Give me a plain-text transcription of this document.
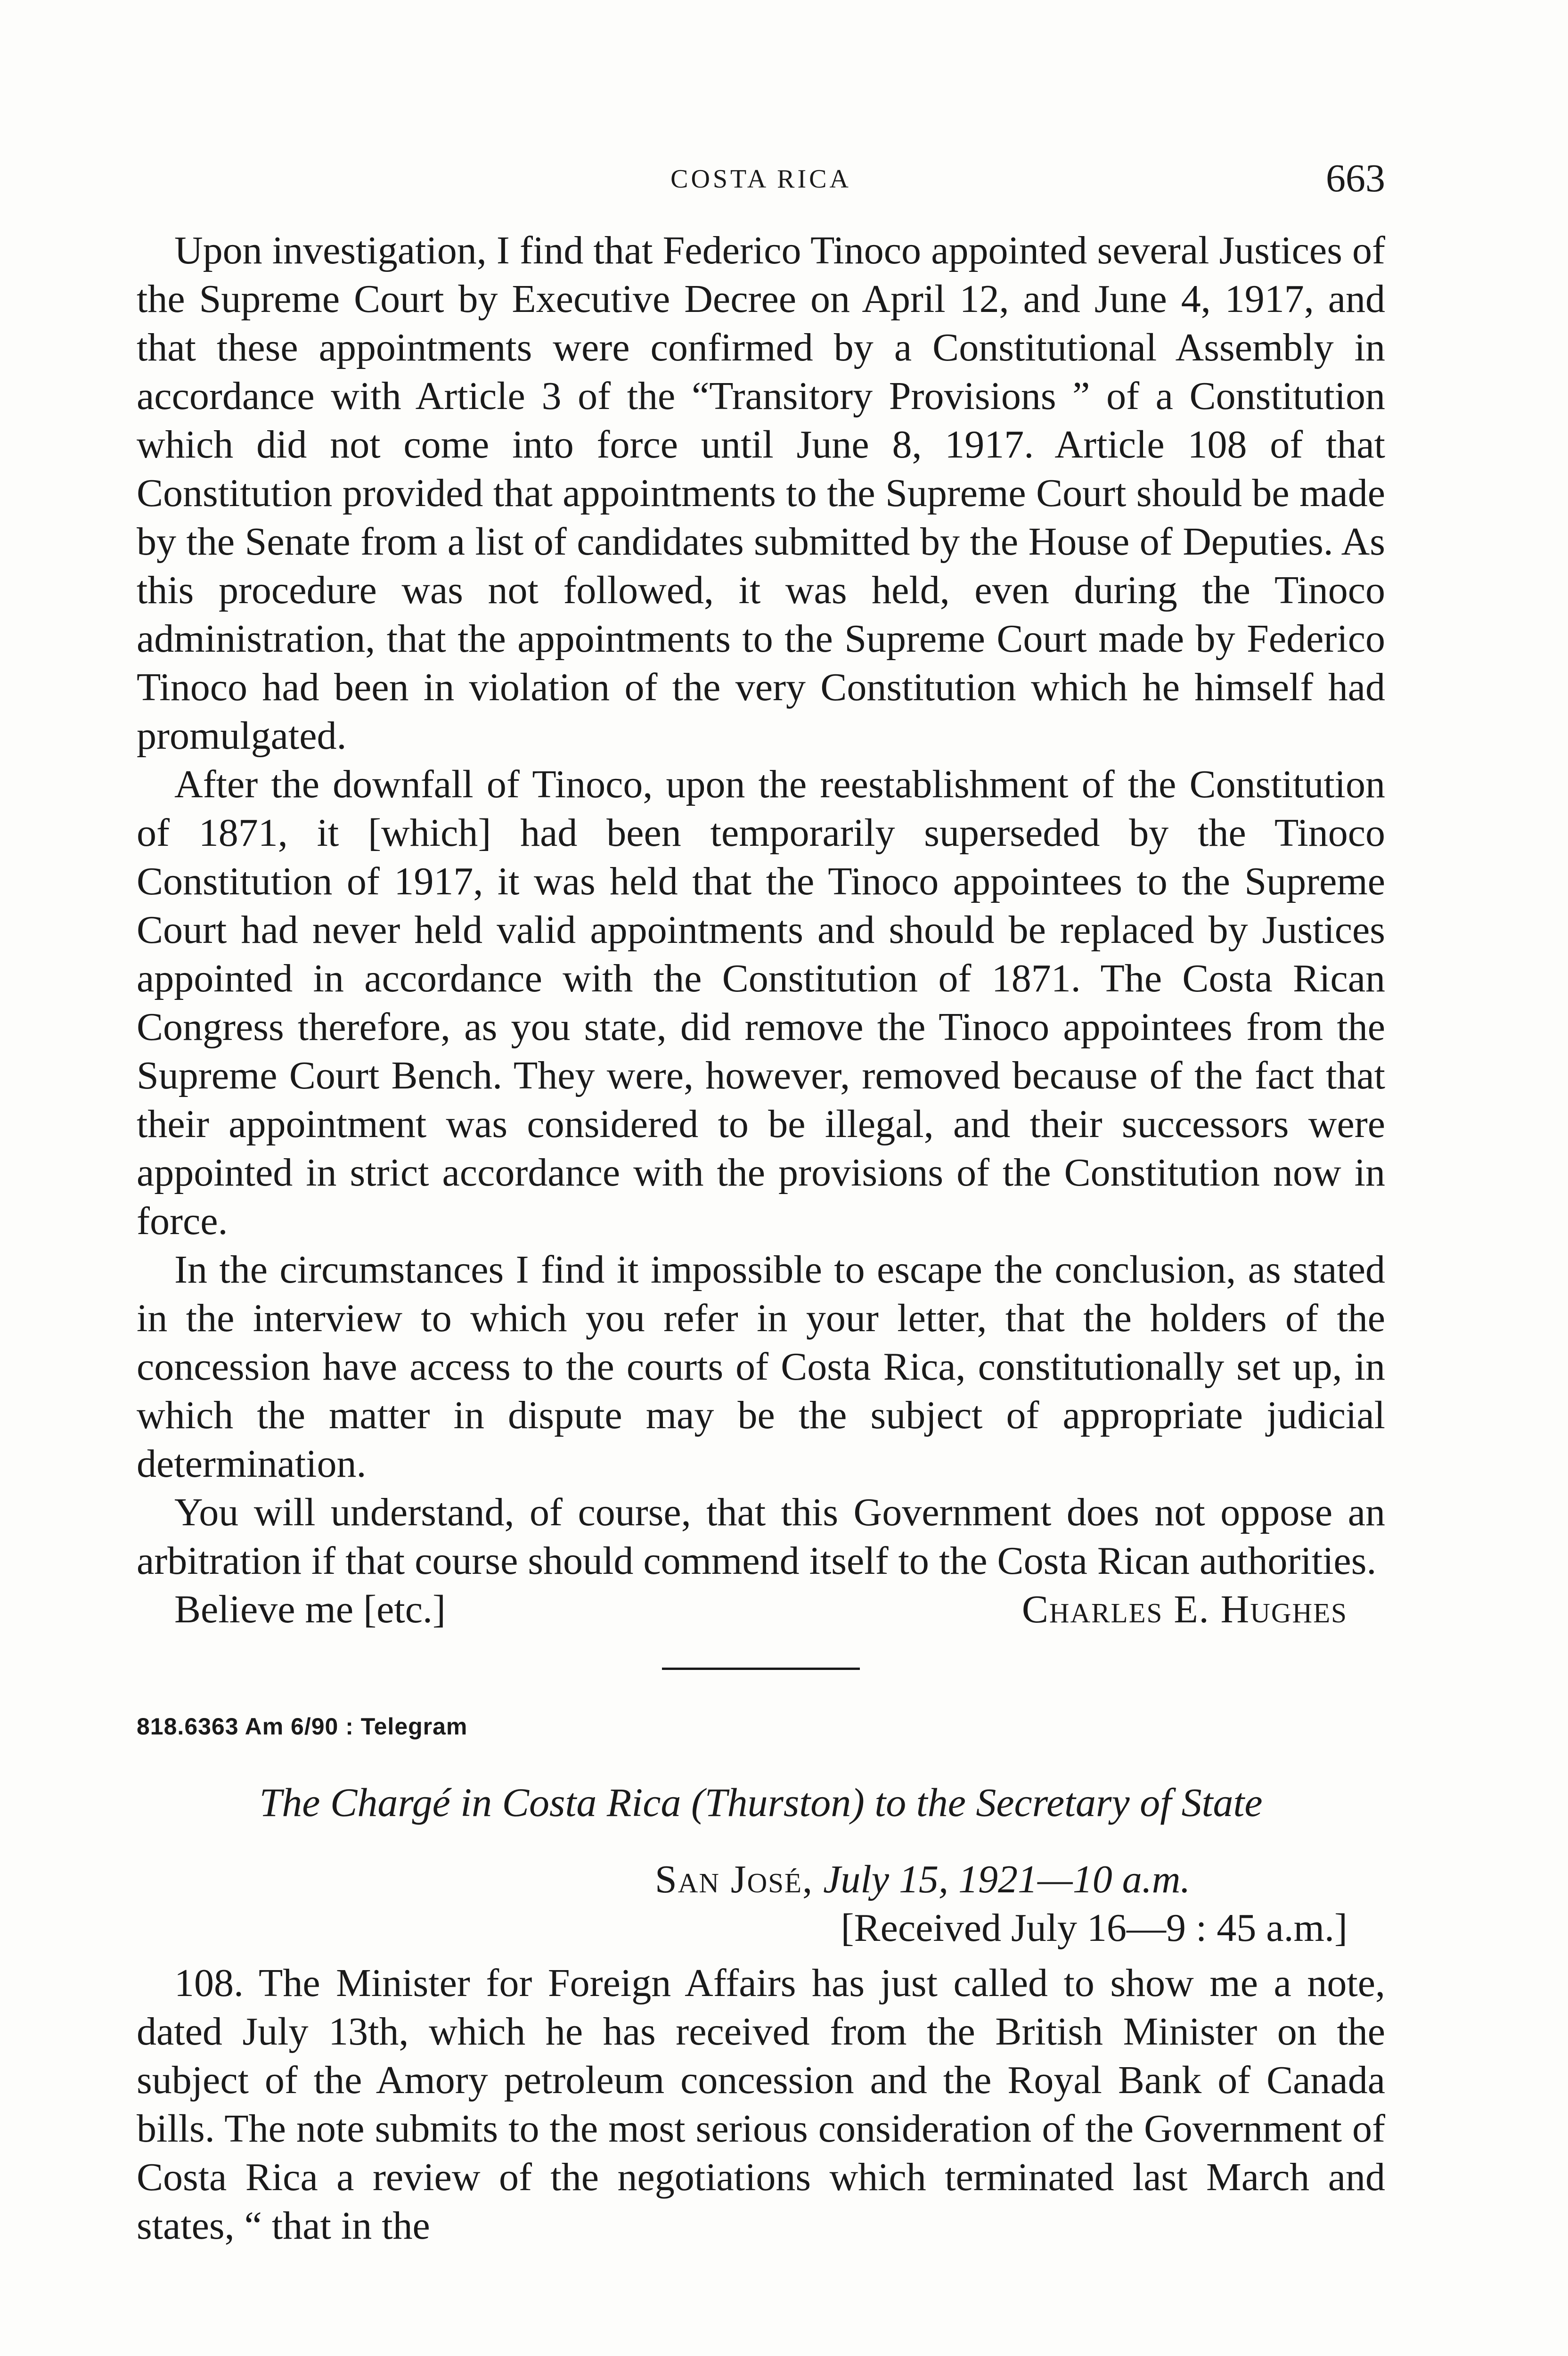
COSTA RICA	663

Upon investigation, I find that Federico Tinoco appointed several Justices of the Supreme Court by Executive Decree on April 12, and June 4, 1917, and that these appointments were confirmed by a Constitutional Assembly in accordance with Article 3 of the “Transitory Provisions ” of a Constitution which did not come into force until June 8, 1917. Article 108 of that Constitution provided that appointments to the Supreme Court should be made by the Senate from a list of candidates submitted by the House of Deputies. As this procedure was not followed, it was held, even during the Tinoco administration, that the appointments to the Supreme Court made by Federico Tinoco had been in violation of the very Constitution which he himself had promulgated.

After the downfall of Tinoco, upon the reestablishment of the Constitution of 1871, it [which] had been temporarily superseded by the Tinoco Constitution of 1917, it was held that the Tinoco appointees to the Supreme Court had never held valid appointments and should be replaced by Justices appointed in accordance with the Constitution of 1871. The Costa Rican Congress therefore, as you state, did remove the Tinoco appointees from the Supreme Court Bench. They were, however, removed because of the fact that their appointment was considered to be illegal, and their successors were appointed in strict accordance with the provisions of the Constitution now in force.

In the circumstances I find it impossible to escape the conclusion, as stated in the interview to which you refer in your letter, that the holders of the concession have access to the courts of Costa Rica, constitutionally set up, in which the matter in dispute may be the subject of appropriate judicial determination.

You will understand, of course, that this Government does not oppose an arbitration if that course should commend itself to the Costa Rican authorities.

Believe me [etc.]	Charles E. Hughes
818.6363 Am 6/90 : Telegram
The Chargé in Costa Rica (Thurston) to the Secretary of State
San José, July 15, 1921—10 a.m.
[Received July 16—9 : 45 a.m.]

108. The Minister for Foreign Affairs has just called to show me a note, dated July 13th, which he has received from the British Minister on the subject of the Amory petroleum concession and the Royal Bank of Canada bills. The note submits to the most serious consideration of the Government of Costa Rica a review of the negotiations which terminated last March and states, “ that in the
